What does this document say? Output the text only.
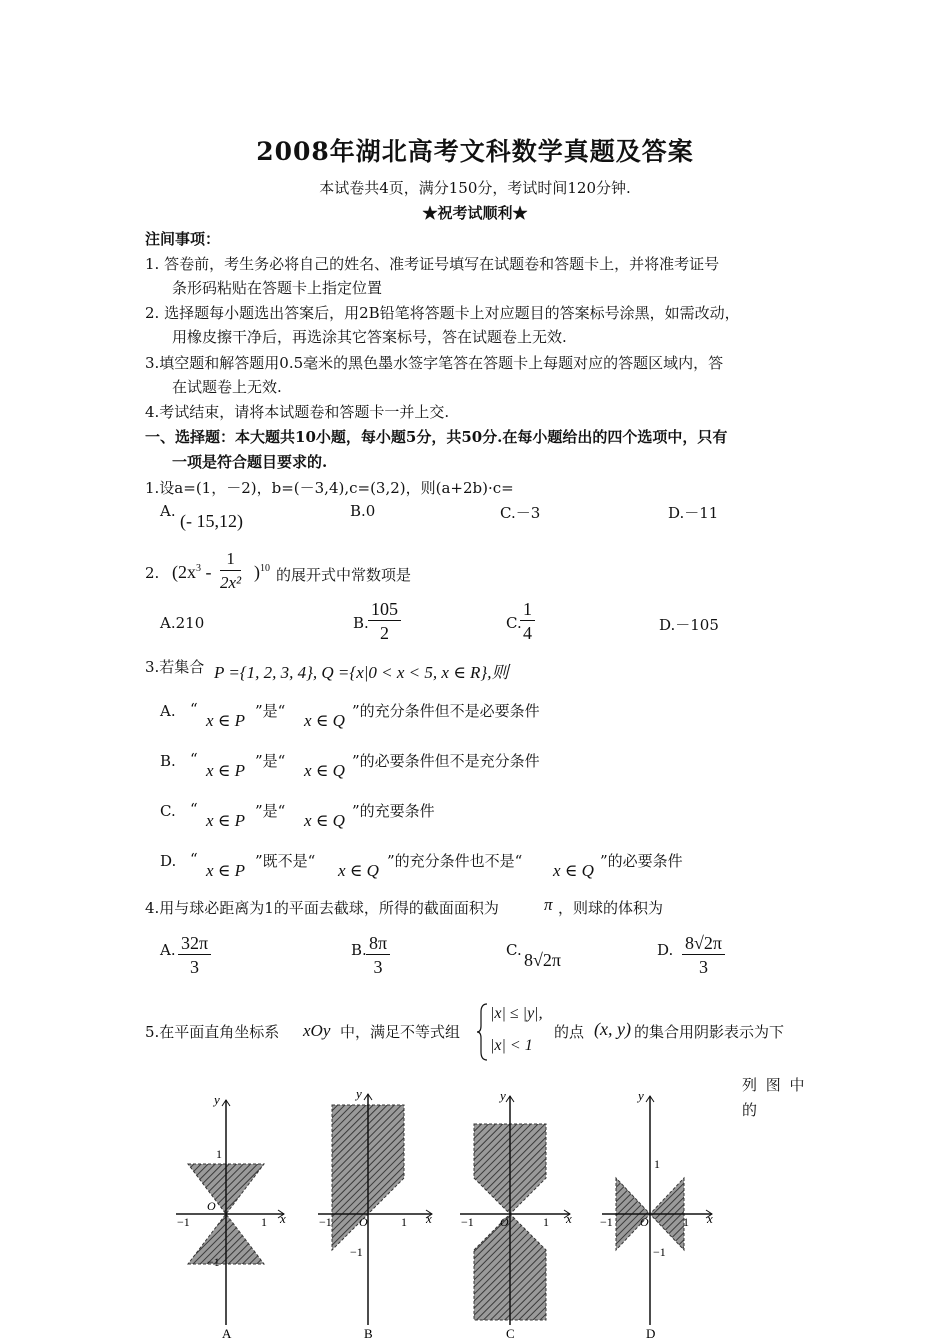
2008年湖北高考文科数学真题及答案
本试卷共4页，满分150分，考试时间120分钟.
★祝考试顺利★
注间事项：
1. 答卷前，考生务必将自己的姓名、准考证号填写在试题卷和答题卡上，并将准考证号
条形码粘贴在答题卡上指定位置
2. 选择题每小题选出答案后，用2B铅笔将答题卡上对应题目的答案标号涂黑，如需改动，
用橡皮擦干净后，再选涂其它答案标号，答在试题卷上无效.
3.填空题和解答题用0.5毫米的黑色墨水签字笔答在答题卡上每题对应的答题区域内，答
在试题卷上无效.
4.考试结束，请将本试题卷和答题卡一并上交.
一、选择题：本大题共10小题，每小题5分，共50分.在每小题给出的四个选项中，只有
一项是符合题目要求的.
1.设a=(1，－2)，b=(－3,4),c=(3,2)，则(a+2b)·c=
A. (- 15,12)	B.0	C.－3	D.－11
2. $(2x^3 - \frac{1}{\text{2x²}} )^{10}$ 的展开式中常数项是
A.210	B. $\frac{105}{2}$	C.
$\frac{1}{4}$	D.－105
3.若集合 P ={1, 2, 3, 4}, Q ={x|0 < x < 5, x ∈ R},则
A. “
x ∈ P ”是“ x ∈ Q ”的充分条件但不是必要条件
B. “
x ∈ P ”是“ x ∈ Q ”的必要条件但不是充分条件
C. “
x ∈ P ”是“ x ∈ Q ”的充要条件
D. “
x ∈ P ”既不是“ x ∈ Q ”的充分条件也不是“ x ∈ Q ”的必要条件
4.用与球必距离为1的平面去截球，所得的截面面积为	π ，则球的体积为
A. $\frac{32\pi}{3}$	B. $\frac{8\pi}{3}$	C. 8√2π	D. $\frac{8√2\pi}{3}$
5.在平面直角坐标系 xOy 中，满足不等式组
|x| ≤ |y|,
|x| < 1
的点 (x, y) 的集合用阴影表示为下
列 图 中
的
y
x
O
−1	1
1
−1
A
y
x
O
−1	1
−1
B
y
x
O
−1	1
C
y
x
O
−1	1
1
−1
D
